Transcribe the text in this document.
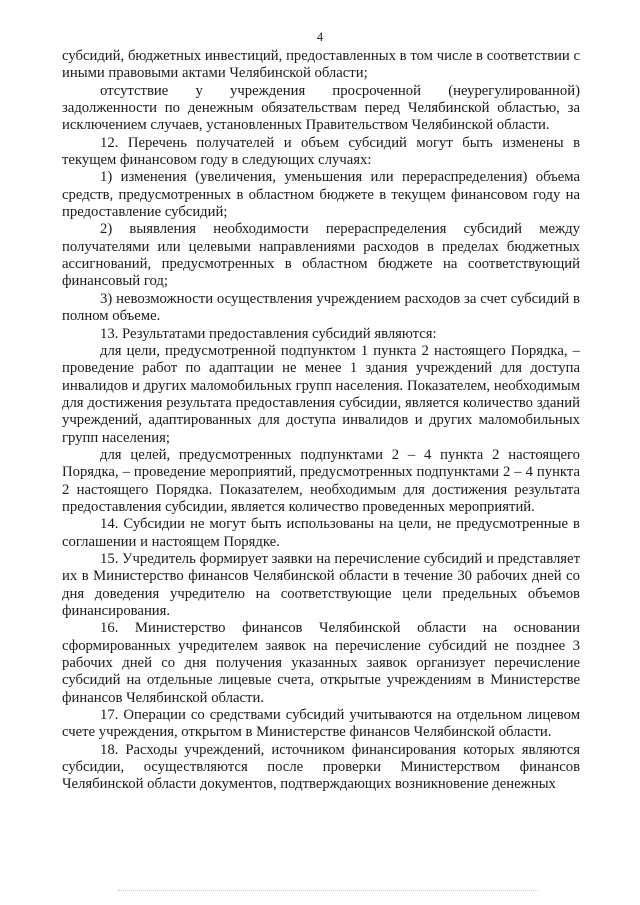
4

субсидий, бюджетных инвестиций, предоставленных в том числе в соответствии с иными правовыми актами Челябинской области;

отсутствие у учреждения просроченной (неурегулированной) задолженности по денежным обязательствам перед Челябинской областью, за исключением случаев, установленных Правительством Челябинской области.

12. Перечень получателей и объем субсидий могут быть изменены в текущем финансовом году в следующих случаях:

1) изменения (увеличения, уменьшения или перераспределения) объема средств, предусмотренных в областном бюджете в текущем финансовом году на предоставление субсидий;

2) выявления необходимости перераспределения субсидий между получателями или целевыми направлениями расходов в пределах бюджетных ассигнований, предусмотренных в областном бюджете на соответствующий финансовый год;

3) невозможности осуществления учреждением расходов за счет субсидий в полном объеме.

13. Результатами предоставления субсидий являются:

для цели, предусмотренной подпунктом 1 пункта 2 настоящего Порядка, – проведение работ по адаптации не менее 1 здания учреждений для доступа инвалидов и других маломобильных групп населения. Показателем, необходимым для достижения результата предоставления субсидии, является количество зданий учреждений, адаптированных для доступа инвалидов и других маломобильных групп населения;

для целей, предусмотренных подпунктами 2 – 4 пункта 2 настоящего Порядка, – проведение мероприятий, предусмотренных подпунктами 2 – 4 пункта 2 настоящего Порядка. Показателем, необходимым для достижения результата предоставления субсидии, является количество проведенных мероприятий.

14. Субсидии не могут быть использованы на цели, не предусмотренные в соглашении и настоящем Порядке.

15. Учредитель формирует заявки на перечисление субсидий и представляет их в Министерство финансов Челябинской области в течение 30 рабочих дней со дня доведения учредителю на соответствующие цели предельных объемов финансирования.

16. Министерство финансов Челябинской области на основании сформированных учредителем заявок на перечисление субсидий не позднее 3 рабочих дней со дня получения указанных заявок организует перечисление субсидий на отдельные лицевые счета, открытые учреждениям в Министерстве финансов Челябинской области.

17. Операции со средствами субсидий учитываются на отдельном лицевом счете учреждения, открытом в Министерстве финансов Челябинской области.

18. Расходы учреждений, источником финансирования которых являются субсидии, осуществляются после проверки Министерством финансов Челябинской области документов, подтверждающих возникновение денежных
